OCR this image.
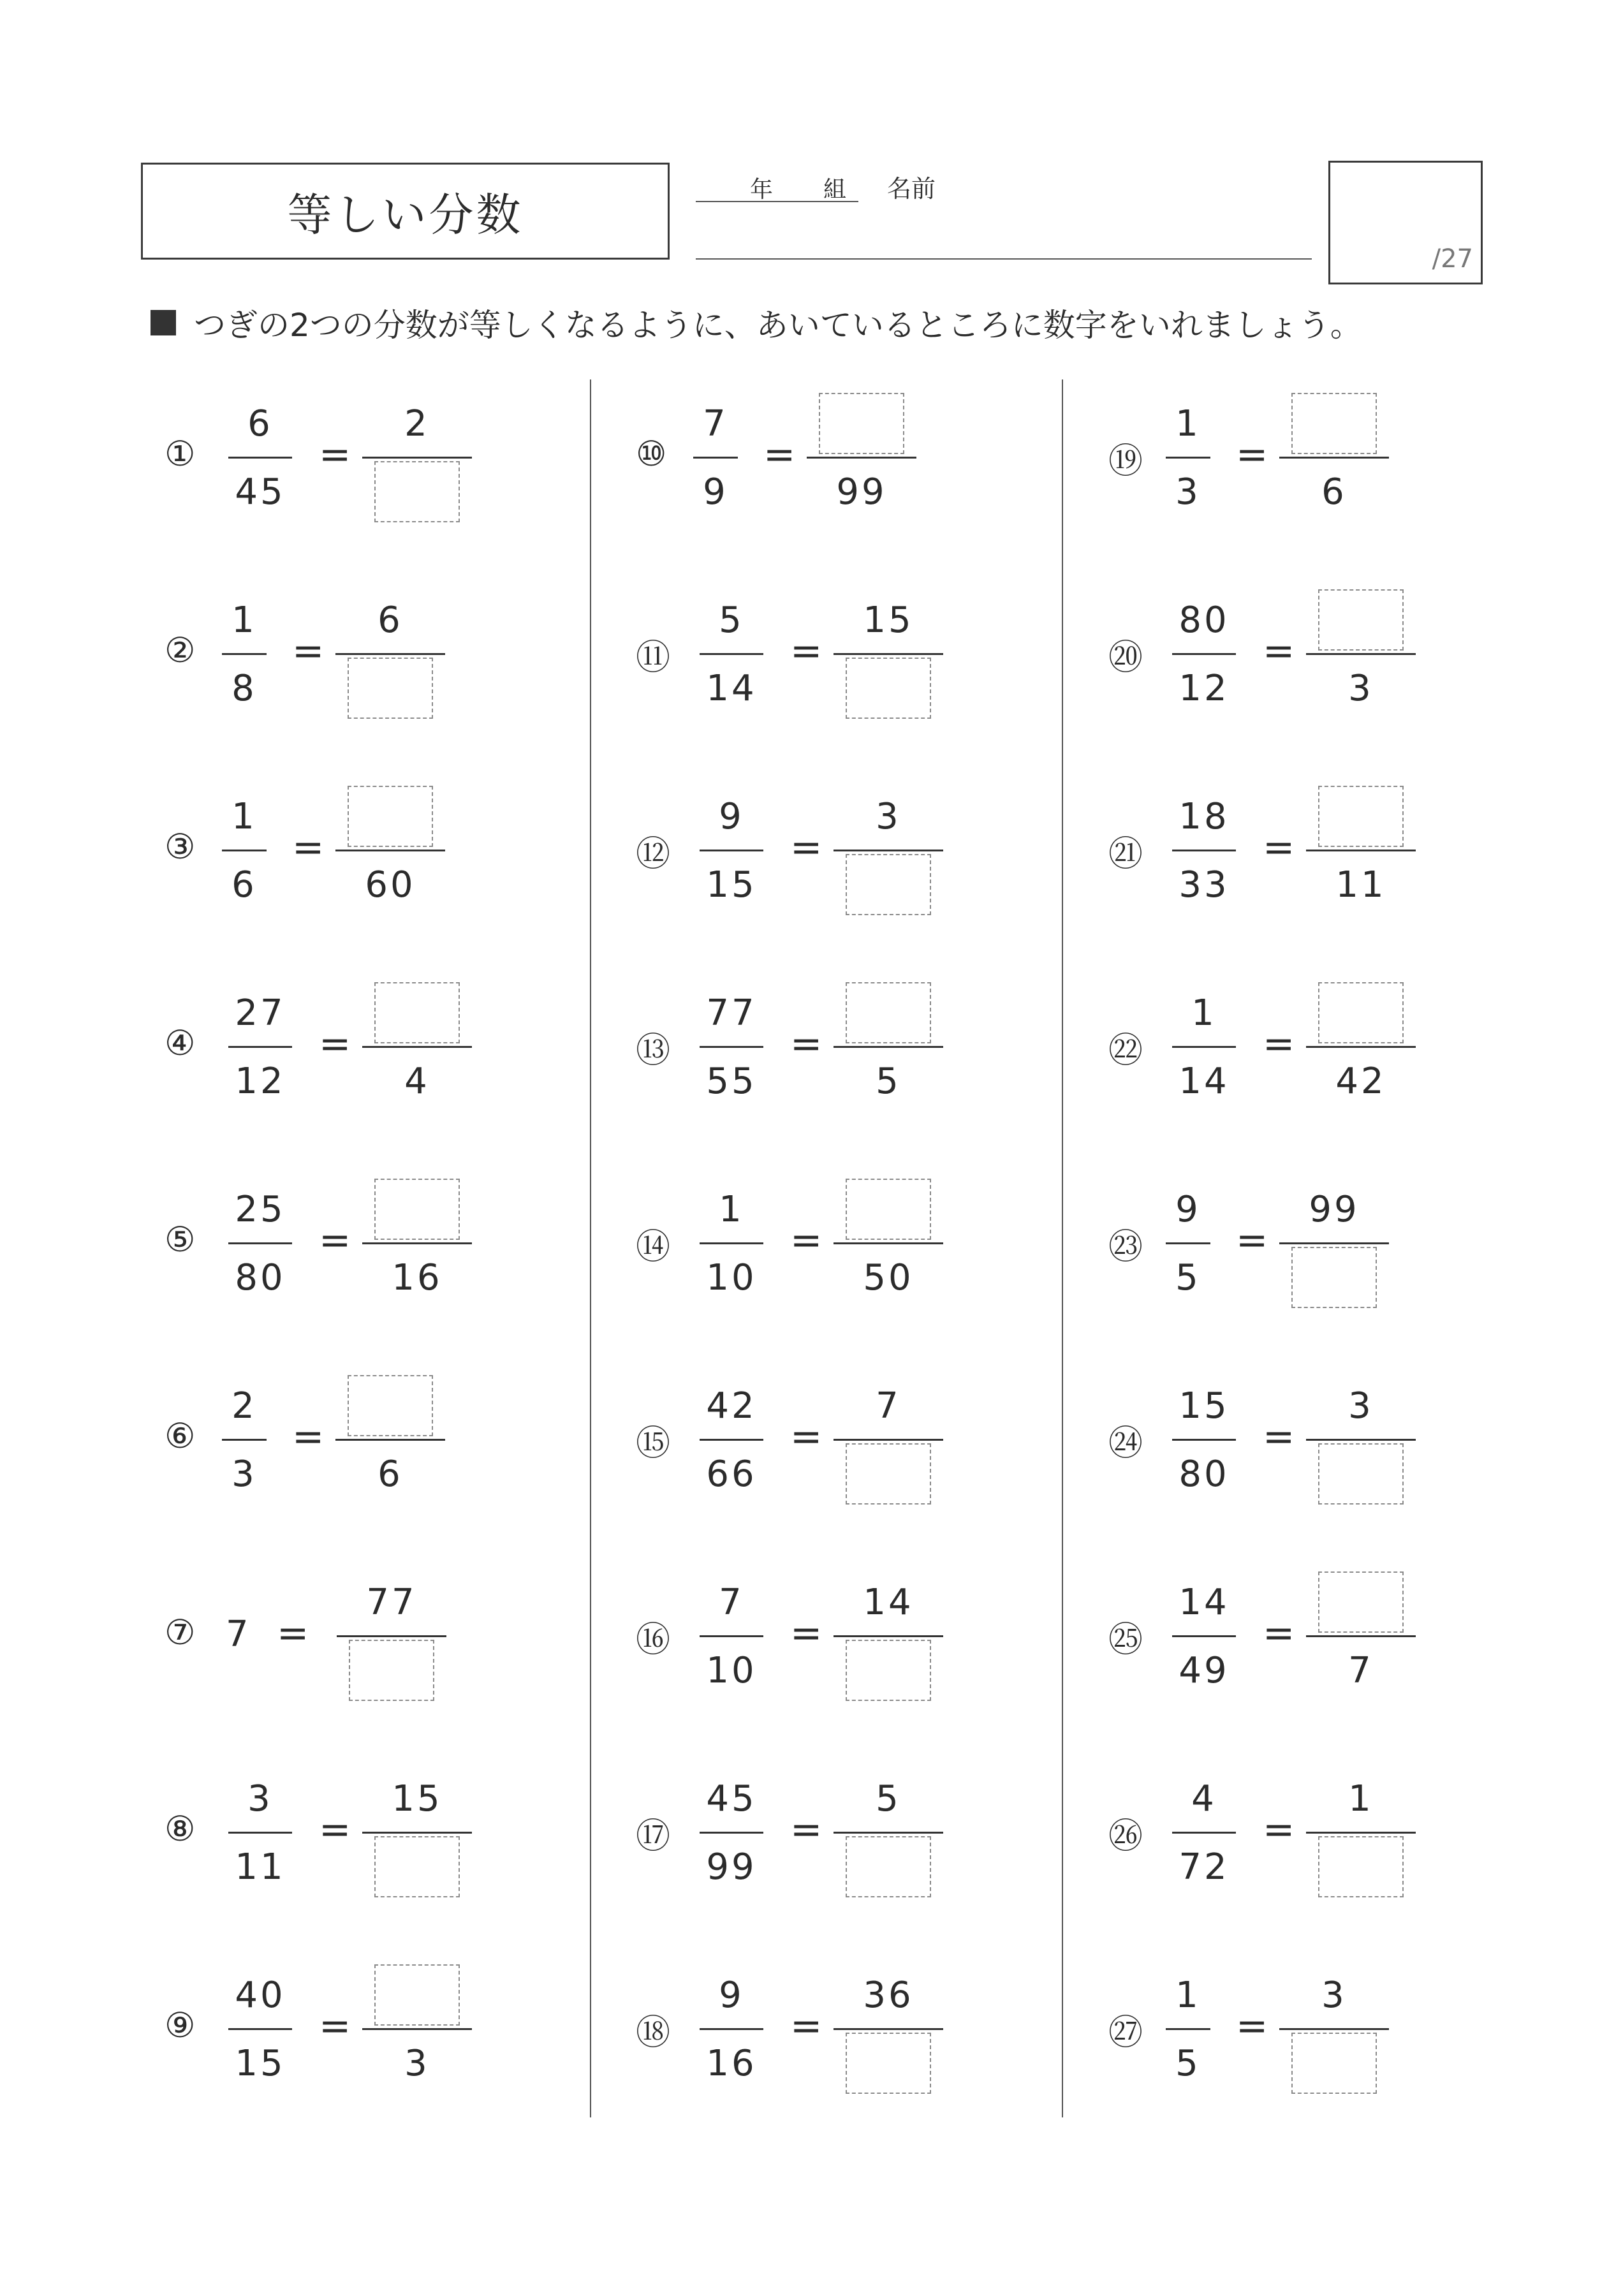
等しい分数	年 組 名前
/27
つぎの2つの分数が等しくなるように、あいているところに数字をいれましょう。
①
6
45
=
2
②
1
8
=
6
③
1
6
=
60
④
27
12
=
4
⑤
25
80
=
16
⑥
2
3
=
6
⑦ 7 =
77
⑧
3
11
=
15
⑨
40
15
=
3
⑩
7
9
=
99
⑪
5
14
=
15
⑫
9
15
=
3
⑬
77
55
=
5
⑭
1
10
=
50
⑮
42
66
=
7
⑯
7
10
=
14
⑰
45
99
=
5
⑱
9
16
=
36
⑲
1
3
=
6
⑳
80
12
=
3
㉑
18
33
=
11
㉒
1
14
=
42
㉓
9
5
=
99
㉔
15
80
=
3
㉕
14
49
=
7
㉖
4
72
=
1
㉗
1
5
=
3
